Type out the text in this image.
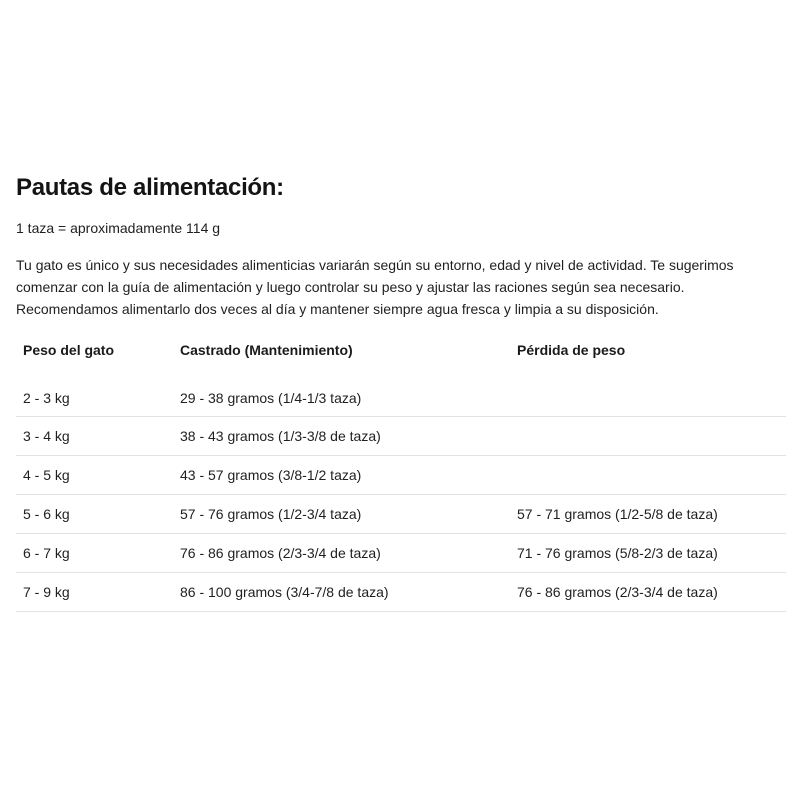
Pautas de alimentación:

1 taza = aproximadamente 114 g

Tu gato es único y sus necesidades alimenticias variarán según su entorno, edad y nivel de actividad. Te sugerimos
comenzar con la guía de alimentación y luego controlar su peso y ajustar las raciones según sea necesario.
Recomendamos alimentarlo dos veces al día y mantener siempre agua fresca y limpia a su disposición.

Peso del gato	Castrado (Mantenimiento)	Pérdida de peso
2 - 3 kg	29 - 38 gramos (1/4-1/3 taza)	
3 - 4 kg	38 - 43 gramos (1/3-3/8 de taza)	
4 - 5 kg	43 - 57 gramos (3/8-1/2 taza)	
5 - 6 kg	57 - 76 gramos (1/2-3/4 taza)	57 - 71 gramos (1/2-5/8 de taza)
6 - 7 kg	76 - 86 gramos (2/3-3/4 de taza)	71 - 76 gramos (5/8-2/3 de taza)
7 - 9 kg	86 - 100 gramos (3/4-7/8 de taza)	76 - 86 gramos (2/3-3/4 de taza)
